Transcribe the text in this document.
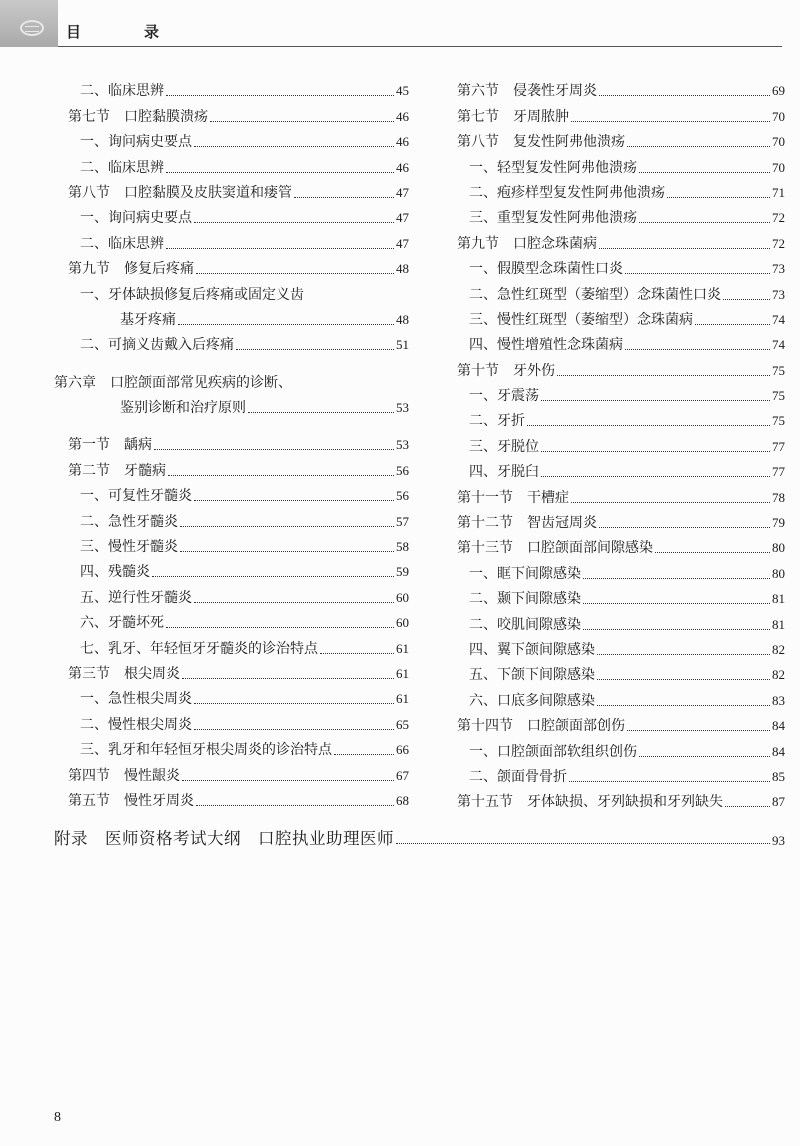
目　录
二、临床思辨	45
第七节　口腔黏膜溃疡	46
一、询问病史要点	46
二、临床思辨	46
第八节　口腔黏膜及皮肤窦道和瘘管	47
一、询问病史要点	47
二、临床思辨	47
第九节　修复后疼痛	48
一、牙体缺损修复后疼痛或固定义齿
基牙疼痛	48
二、可摘义齿戴入后疼痛	51
第六章　口腔颌面部常见疾病的诊断、
鉴别诊断和治疗原则	53
第一节　龋病	53
第二节　牙髓病	56
一、可复性牙髓炎	56
二、急性牙髓炎	57
三、慢性牙髓炎	58
四、残髓炎	59
五、逆行性牙髓炎	60
六、牙髓坏死	60
七、乳牙、年轻恒牙牙髓炎的诊治特点	61
第三节　根尖周炎	61
一、急性根尖周炎	61
二、慢性根尖周炎	65
三、乳牙和年轻恒牙根尖周炎的诊治特点	66
第四节　慢性龈炎	67
第五节　慢性牙周炎	68
第六节　侵袭性牙周炎	69
第七节　牙周脓肿	70
第八节　复发性阿弗他溃疡	70
一、轻型复发性阿弗他溃疡	70
二、疱疹样型复发性阿弗他溃疡	71
三、重型复发性阿弗他溃疡	72
第九节　口腔念珠菌病	72
一、假膜型念珠菌性口炎	73
二、急性红斑型（萎缩型）念珠菌性口炎	73
三、慢性红斑型（萎缩型）念珠菌病	74
四、慢性增殖性念珠菌病	74
第十节　牙外伤	75
一、牙震荡	75
二、牙折	75
三、牙脱位	77
四、牙脱臼	77
第十一节　干槽症	78
第十二节　智齿冠周炎	79
第十三节　口腔颌面部间隙感染	80
一、眶下间隙感染	80
二、颞下间隙感染	81
二、咬肌间隙感染	81
四、翼下颌间隙感染	82
五、下颌下间隙感染	82
六、口底多间隙感染	83
第十四节　口腔颌面部创伤	84
一、口腔颌面部软组织创伤	84
二、颌面骨骨折	85
第十五节　牙体缺损、牙列缺损和牙列缺失	87
附录　医师资格考试大纲　口腔执业助理医师	93
8
